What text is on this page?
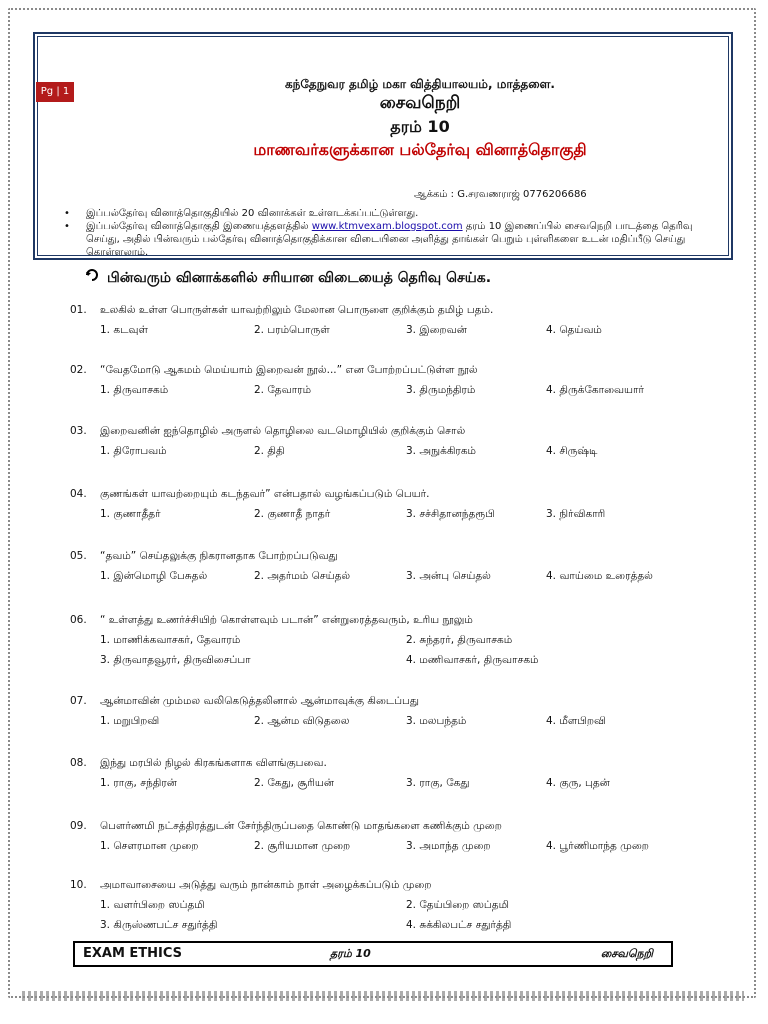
Pg | 1
கந்தேநுவர தமிழ் மகா வித்தியாலயம், மாத்தளை.
சைவநெறி
தரம் 10
மாணவர்களுக்கான பல்தேர்வு வினாத்தொகுதி
ஆக்கம் : G.சரவணராஜ் 0776206686
• இப்பல்தேர்வு வினாத்தொகுதியில் 20 வினாக்கள் உள்ளடக்கப்பட்டுள்ளது.
• இப்பல்தேர்வு வினாத்தொகுதி இணையத்தளத்தில் www.ktmvexam.blogspot.com தரம் 10 இணைப்பில் சைவநெறி பாடத்தை தெரிவு செய்து, அதில் பின்வரும் பல்தேர்வு வினாத்தொகுதிக்கான விடையினை அளித்து தாங்கள் பெறும் புள்ளிகளை உடன் மதிப்பீடு செய்து கொள்ளலாம்.
பின்வரும் வினாக்களில் சரியான விடையைத் தெரிவு செய்க.
01. உலகில் உள்ள பொருள்கள் யாவற்றிலும் மேலான பொருளை குறிக்கும் தமிழ் பதம்.
1. கடவுள்	2. பரம்பொருள்	3. இறைவன்	4. தெய்வம்
02. “வேதமோடு ஆகமம் மெய்யாம் இறைவன் நூல்...” என போற்றப்பட்டுள்ள நூல்
1. திருவாசகம்	2. தேவாரம்	3. திருமந்திரம்	4. திருக்கோவையார்
03. இறைவனின் ஐந்தொழில் அருளல் தொழிலை வடமொழியில் குறிக்கும் சொல்
1. திரோபவம்	2. திதி	3. அநுக்கிரகம்	4. சிருஷ்டி
04. குணங்கள் யாவற்றையும் கடந்தவர்” என்பதால் வழங்கப்படும் பெயர்.
1. குணாதீதர்	2. குணாதீ நாதர்	3. சச்சிதானந்தரூபி	3. நிர்விகாரி
05. “தவம்” செய்தலுக்கு நிகரானதாக போற்றப்படுவது
1. இன்மொழி பேசுதல்	2. அதர்மம் செய்தல்	3. அன்பு செய்தல்	4. வாய்மை உரைத்தல்
06. “ உள்ளத்து உணர்ச்சியிற் கொள்ளவும் படான்” என்றுரைத்தவரும், உரிய நூலும்
1. மாணிக்கவாசகர், தேவாரம்	2. சுந்தரர், திருவாசகம்
3. திருவாதவூரர், திருவிசைப்பா	4. மணிவாசகர், திருவாசகம்
07. ஆன்மாவின் மும்மல வலிகெடுத்தலினால் ஆன்மாவுக்கு கிடைப்பது
1. மறுபிறவி	2. ஆன்ம விடுதலை	3. மலபந்தம்	4. மீளபிறவி
08. இந்து மரபில் நிழல் கிரகங்களாக விளங்குபவை.
1. ராகு, சந்திரன்	2. கேது, சூரியன்	3. ராகு, கேது	4. குரு, புதன்
09. பௌர்ணமி நட்சத்திரத்துடன் சேர்ந்திருப்பதை கொண்டு மாதங்களை கணிக்கும் முறை
1. சௌரமான முறை	2. சூரியமான முறை	3. அமாந்த முறை	4. பூர்ணிமாந்த முறை
10. அமாவாசையை அடுத்து வரும் நான்காம் நாள் அழைக்கப்படும் முறை
1. வளர்பிறை ஸப்தமி	2. தேய்பிறை ஸப்தமி
3. கிருஸ்ணபட்ச சதுர்த்தி	4. சுக்கிலபட்ச சதுர்த்தி
EXAM ETHICS	தரம் 10	சைவநெறி
